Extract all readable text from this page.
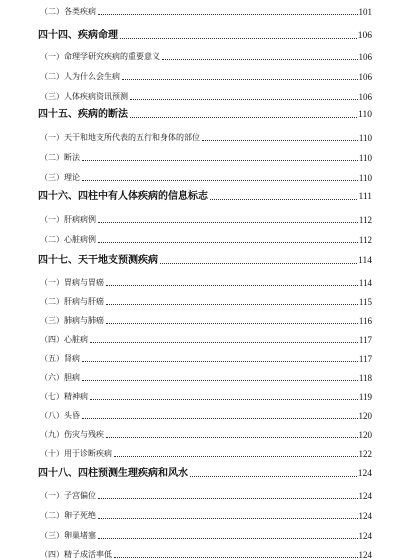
（二）各类疾病	101
四十四、疾病命理	106
（一）命理学研究疾病的重要意义	106
（二）人为什么会生病	106
（三）人体疾病资讯预测	106
四十五、疾病的断法	110
（一）天干和地支所代表的五行和身体的部位	110
（二）断法	110
（三）理论	110
四十六、四柱中有人体疾病的信息标志	111
（一）肝病病例	112
（二）心脏病例	112
四十七、天干地支预测疾病	114
（一）胃病与胃癌	114
（二）肝病与肝癌	115
（三）肺病与肺癌	116
（四）心脏病	117
（五）肾病	117
（六）胆病	118
（七）精神病	119
（八）头昏	120
（九）伤灾与残疾	120
（十）用于诊断疾病	122
四十八、四柱预测生理疾病和风水	124
（一）子宫偏位	124
（二）卵子死绝	124
（三）卵巢堵塞	124
（四）精子成活率低	124
